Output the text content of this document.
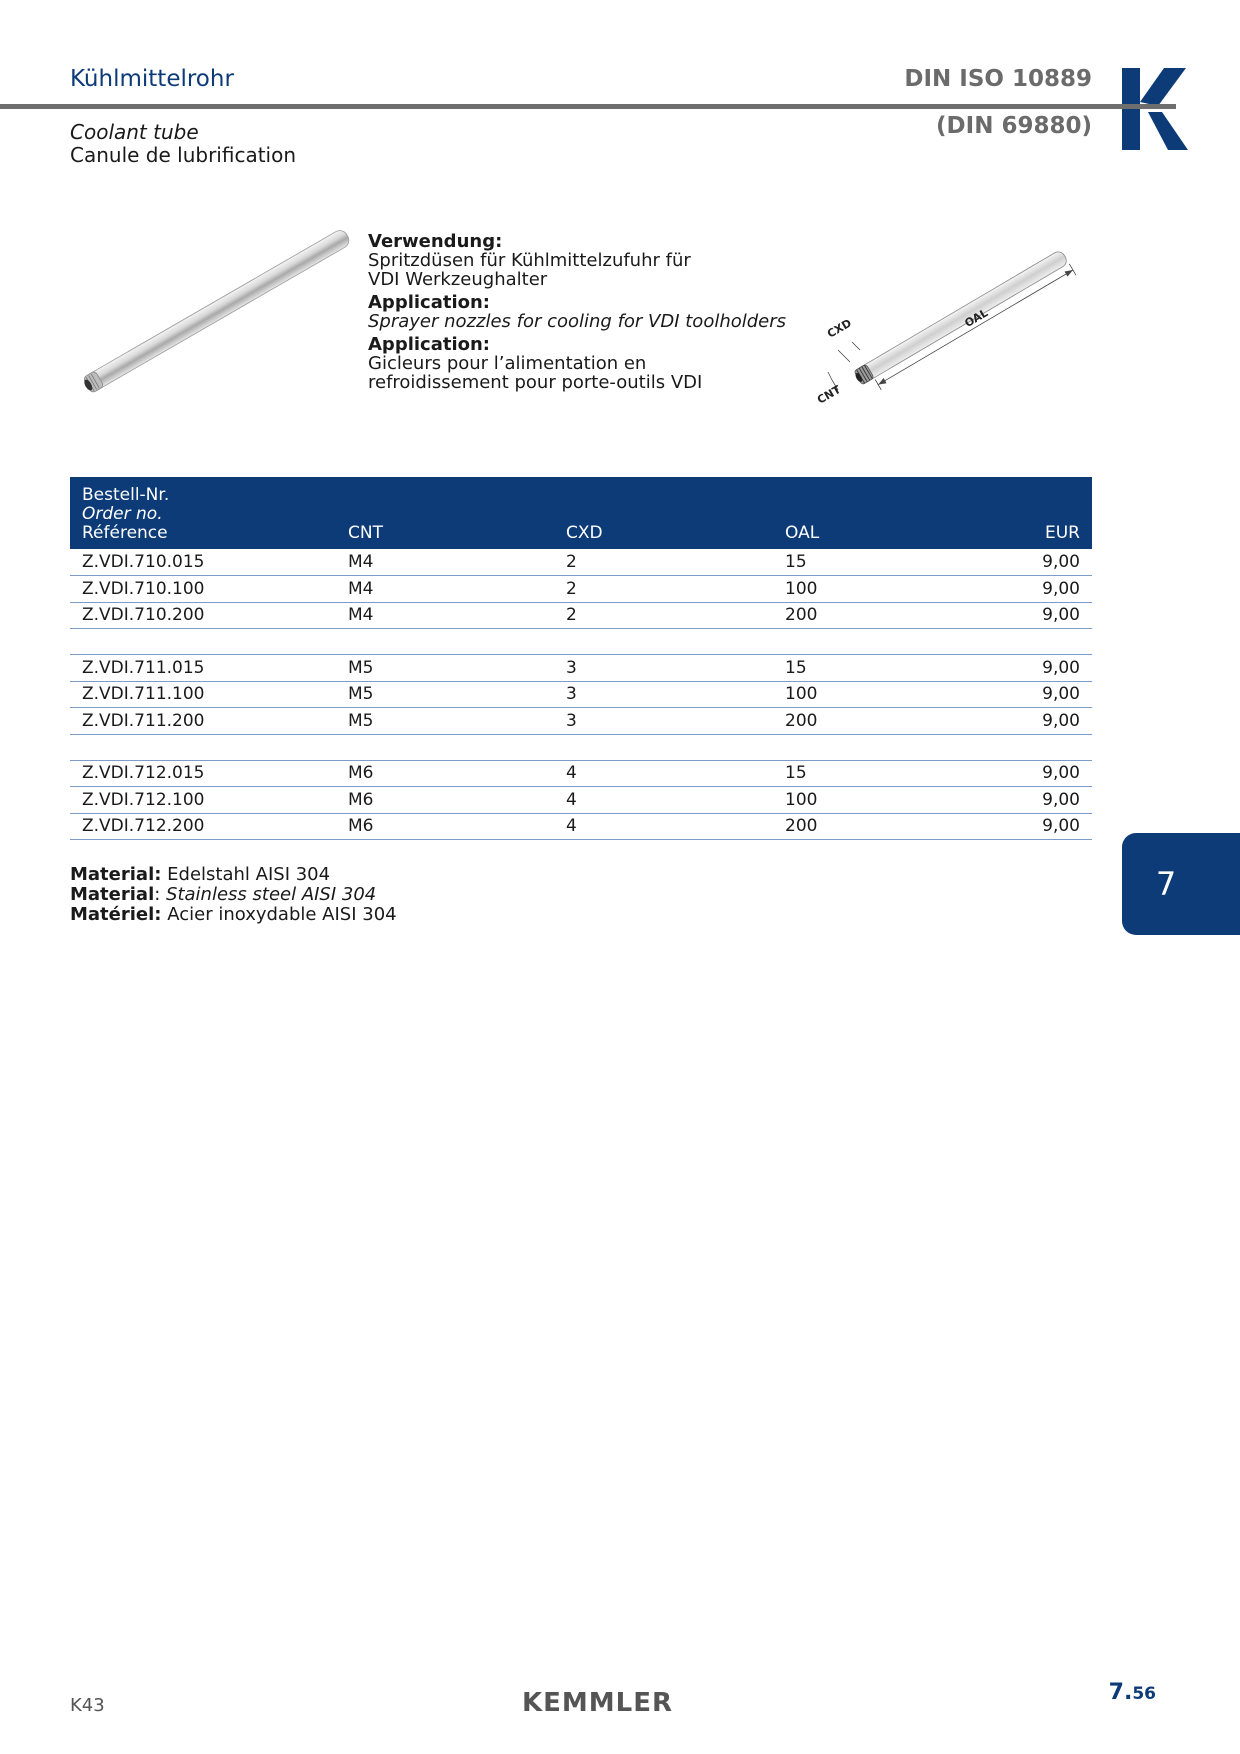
Kühlmittelrohr
Coolant tube
Canule de lubrification
DIN ISO 10889
(DIN 69880)
Verwendung:
Spritzdüsen für Kühlmittelzufuhr für
VDI Werkzeughalter
Application:
Sprayer nozzles for cooling for VDI toolholders
Application:
Gicleurs pour l’alimentation en
refroidissement pour porte-outils VDI
OAL
CXD
CNT
Bestell-Nr.
Order no.
Référence	CNT	CXD	OAL	EUR
Z.VDI.710.015	M4	2	15	9,00
Z.VDI.710.100	M4	2	100	9,00
Z.VDI.710.200	M4	2	200	9,00

Z.VDI.711.015	M5	3	15	9,00
Z.VDI.711.100	M5	3	100	9,00
Z.VDI.711.200	M5	3	200	9,00

Z.VDI.712.015	M6	4	15	9,00
Z.VDI.712.100	M6	4	100	9,00
Z.VDI.712.200	M6	4	200	9,00
Material: Edelstahl AISI 304
Material: Stainless steel AISI 304
Matériel: Acier inoxydable AISI 304
7
K43	KEMMLER	7.56
